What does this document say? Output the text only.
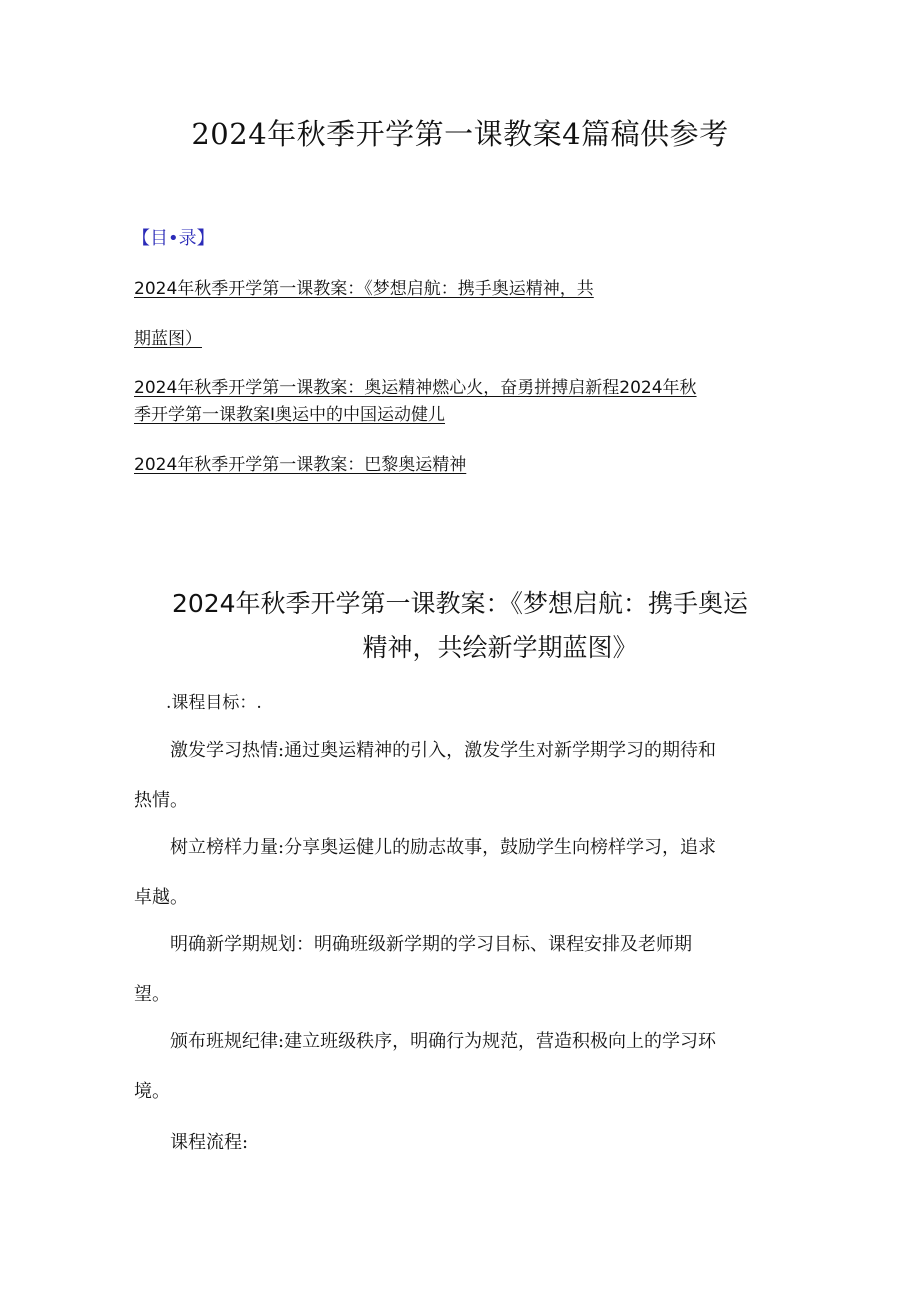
2024年秋季开学第一课教案4篇稿供参考
【目•录】
2024年秋季开学第一课教案：《梦想启航：携手奥运精神，共
期蓝图）
2024年秋季开学第一课教案：奥运精神燃心火，奋勇拼搏启新程2024年秋
季开学第一课教案I奥运中的中国运动健儿
2024年秋季开学第一课教案：巴黎奥运精神
2024年秋季开学第一课教案：《梦想启航：携手奥运
精神，共绘新学期蓝图》
.课程目标：.
激发学习热情:通过奥运精神的引入，激发学生对新学期学习的期待和
热情。
树立榜样力量:分享奥运健儿的励志故事，鼓励学生向榜样学习，追求
卓越。
明确新学期规划：明确班级新学期的学习目标、课程安排及老师期
望。
颁布班规纪律:建立班级秩序，明确行为规范，营造积极向上的学习环
境。
课程流程:
